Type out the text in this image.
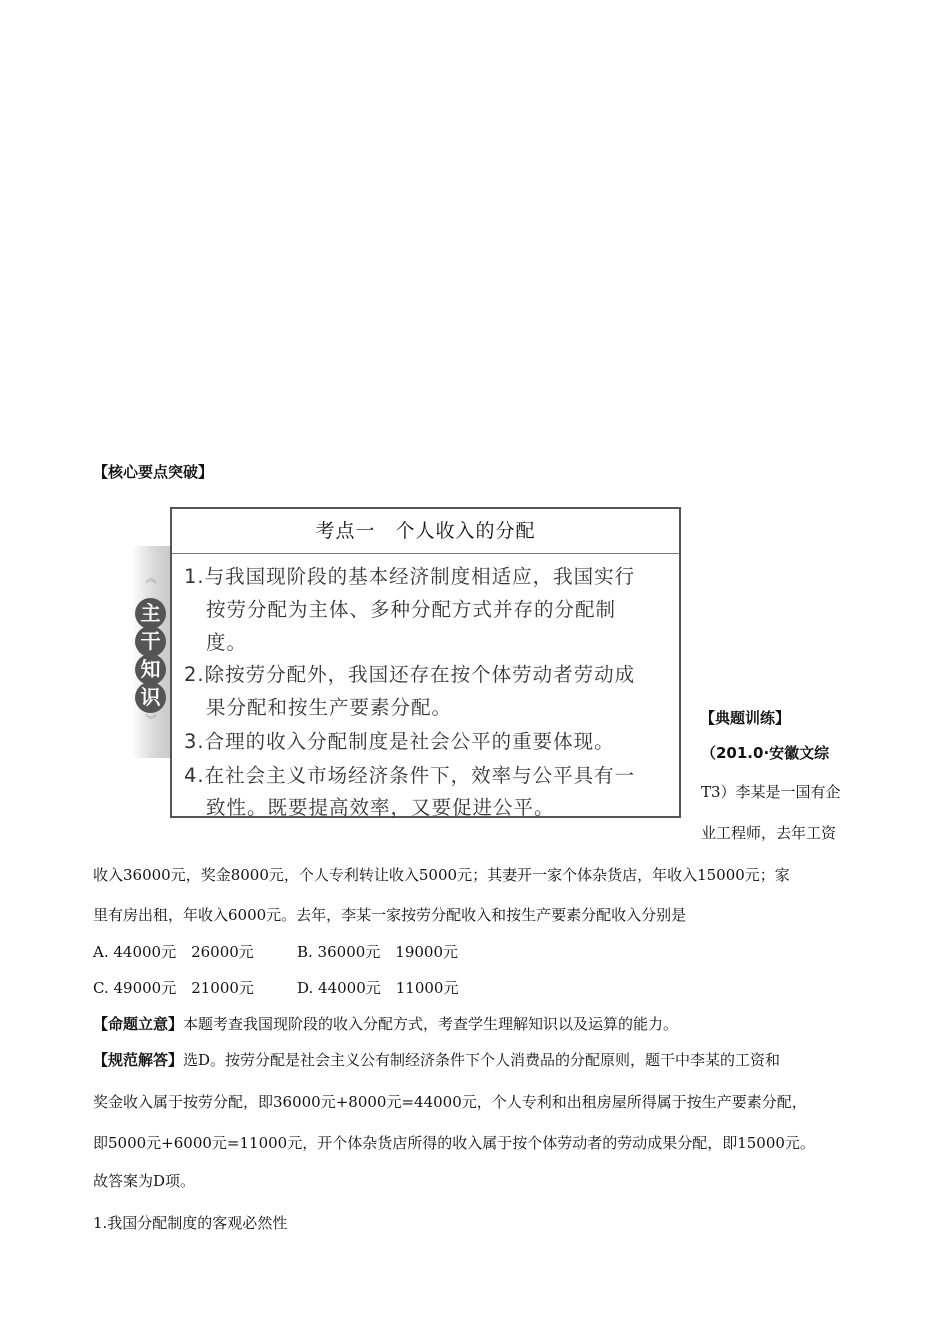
【核心要点突破】
︽
主
干
知
识
︾
考点一　个人收入的分配
1.与我国现阶段的基本经济制度相适应，我国实行
按劳分配为主体、多种分配方式并存的分配制
度。
2.除按劳分配外，我国还存在按个体劳动者劳动成
果分配和按生产要素分配。
3.合理的收入分配制度是社会公平的重要体现。
4.在社会主义市场经济条件下，效率与公平具有一
致性。既要提高效率，又要促进公平。
【典题训练】
（201.0·安徽文综
T3）李某是一国有企
业工程师，去年工资
收入36000元，奖金8000元，个人专利转让收入5000元；其妻开一家个体杂货店，年收入15000元；家
里有房出租，年收入6000元。去年，李某一家按劳分配收入和按生产要素分配收入分别是
A. 44000元　26000元	B. 36000元　19000元
C. 49000元　21000元	D. 44000元　11000元
【命题立意】本题考查我国现阶段的收入分配方式，考查学生理解知识以及运算的能力。
【规范解答】选D。按劳分配是社会主义公有制经济条件下个人消费品的分配原则，题干中李某的工资和
奖金收入属于按劳分配，即36000元+8000元=44000元，个人专利和出租房屋所得属于按生产要素分配，
即5000元+6000元=11000元，开个体杂货店所得的收入属于按个体劳动者的劳动成果分配，即15000元。
故答案为D项。
1.我国分配制度的客观必然性
